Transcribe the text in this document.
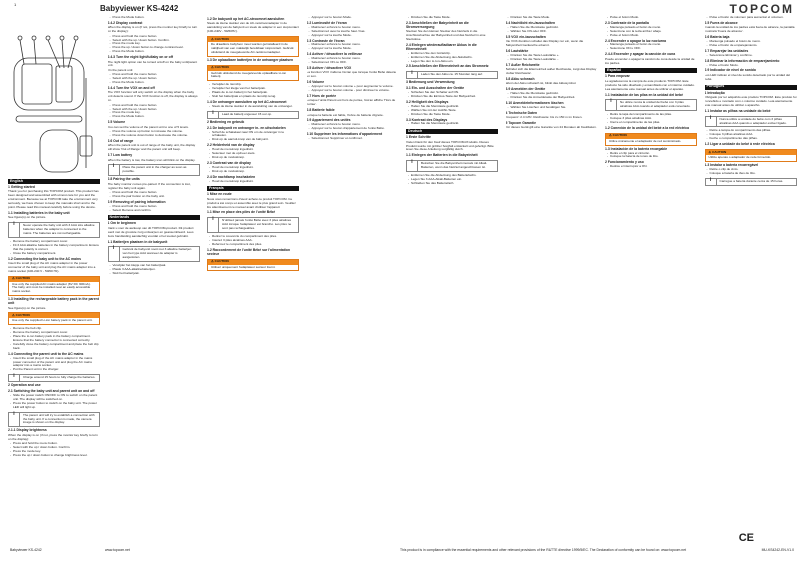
1	Babyviewer KS-4242	TOPCOM
English
1 Getting started
Thank you for purchasing this TOPCOM product. This product has been designed and assembled with utmost care for you and the environment. Because we at TOPCOM take the environment very seriously, we have chosen to keep the manuals short and to the point. Please read this manual carefully before using the device.
1.1 Installing batteries in the baby unit
See figure(s) on the picture.
i	Never operate the baby unit with 3 AAA size alkaline batteries when the adaptor is connected to the mains. The batteries are not rechargeable.
- Remove the battery compartment cover.
- Fit 3 AAA alkaline batteries in the battery compartment. Ensure that the polarity is correct.
- Close the battery compartment.
1.2 Connecting the baby unit to the AC mains
Insert the small plug of the AC mains adaptor in the power connector of the baby unit and plug the AC mains adaptor into a mains socket (100-240 V - 50/60 Hz).
⚠ CAUTION
Use only the supplied AC mains adaptor (6V DC 300mA). The baby unit must be installed near an easily accessible mains socket.
1.3 Installing the rechargeable battery pack in the parent unit
See figure(s) on the picture.
⚠ CAUTION
Use only the supplied Li-ion battery pack in the parent unit.
- Remove the belt clip.
- Remove the battery compartment cover.
- Place the Li-ion battery pack in the battery compartment. Ensure that the battery connector is connected correctly.
- Carefully close the battery compartment and place the belt clip back.
1.4 Connecting the parent unit to the AC mains
- Insert the small plug of the AC mains adaptor in the mains power connector of the parent unit and plug the AC mains adaptor into a mains socket.
- Put the Parent unit in the charger.
i	Charge around 15 hours to fully charge the batteries.
2 Operation and use
2.1 Switching the baby unit and parent unit on and off
- Slide the power switch ON/OFF to ON to switch on the parent unit. The display will be switched on.
- Press the power button to switch on the baby unit. The power LED will light up.
i	The parent unit will try to establish a connection with the baby unit. If a connection is made, the camera image is shown on the display.
2.1.1 Display brightness
When the display is on (if not, press the monitor key briefly to turn on the display):
- Press and hold the menu button.
- Select with the up / down button. Confirm.
- Press the mode key.
- Press the up / down button to change brightness level.
- Press the Mode button.
2.4.2 Display contrast
When the display is on (if not, press the monitor key briefly to turn on the display):
- Press and hold the menu button.
- Select with the up / down button. Confirm.
- Press the mode key.
- Press the up / down button to change contrast level.
- Press the Mode button.
2.4.3 Turn the night light/lullaby on or off
The night light option can be turned on/off on the baby unit/parent unit.
On the parent unit:
- Press and hold the menu button.
- Select with the up / down button.
- Press the Mode button.
2.4.4 Turn the VOX on and off
The VOX function will only switch on the display when the baby unit detects sound. If the VOX function is off, the display is always on.
- Press and hold the menu button.
- Select with the up / down button.
- Press the mode key.
- Press the Mode button.
2.5 Volume
You can set the volume of the parent unit to one of 5 levels.
- Press the volume up button to increase the volume.
- Press the volume down button to decrease the volume.
2.6 Out of range
When the parent unit is out of range of the baby unit, the display will show 'Out of Range' and the parent unit will beep.
2.7 Low battery
When the battery is low, the battery icon will blink on the display.
i	Place the parent unit in the charger as soon as possible.
2.8 Pairing the units
The baby monitor comes pre-paired. If the connection is lost, register the baby unit again.
- Press and hold the menu button.
- Press the pair button on the baby unit.
2.9 Removing of pairing information
- Press and hold the menu button.
- Select Remove and confirm.
Nederlands
1 Om te beginnen
Dank u voor de aankoop van dit TOPCOM-product. Dit product werd met de grootste zorg ontworpen en geassembleerd. Lees deze handleiding aandachtig voordat u het toestel gebruikt.
1.1 Batterijen plaatsen in de babyunit
i	Gebruik de babyunit nooit met 3 alkaline batterijen van het type AAA wanneer de adapter is aangesloten.
- Verwijder het klepje van het batterijvak.
- Plaats 3 AAA-alkalinebatterijen.
- Sluit het batterijvak.
1.2 De babyunit op het AC-stroomnet aansluiten
Steek de kleine stekker van de AC-netstroomadapter in de aansluiting van de babyunit en steek de adapter in een stopcontact (100-240V - 50/60Hz).
⚠ CAUTION
De draadloze babyfoon moet worden geïnstalleerd in de nabijheid van een makkelijk bereikbaar stopcontact. Gebruik uitsluitend de meegeleverde AC-netstroomadapter.
1.3 De oplaadbare batterijen in de ontvanger plaatsen
⚠ CAUTION
Gebruik uitsluitend de meegeleverde oplaadbare Li-ion batterij.
- Verwijder de riemclip.
- Verwijder het klepje van het batterijvak.
- Plaats de Li-ion batterij in het batterijvak.
- Sluit het batterijvak en plaats de riemclip terug.
1.4 De ontvanger aansluiten op het AC-stroomnet
- Steek de kleine stekker in de aansluiting van de ontvanger.
i	Laad de batterij ongeveer 15 uur op.
2 Bediening en gebruik
2.1 De babyunit en ontvanger in- en uitschakelen
- Schuif de schakelaar naar ON om de ontvanger in te schakelen.
- Druk op de aan/uit-knop van de babyunit.
2.2 Helderheid van de display
- Houd de menuknop ingedrukt.
- Selecteer met de op/neer-toets.
- Druk op de modusknop.
2.3 Contrast van de display
- Houd de menuknop ingedrukt.
- Druk op de modusknop.
2.4 De nachtlamp inschakelen
- Houd de menuknop ingedrukt.
Français
1 Mise en route
Nous vous remercions d'avoir acheté ce produit TOPCOM. Ce produit a été conçu et assemblé avec le plus grand soin. Veuillez lire attentivement ce manuel avant d'utiliser l'appareil.
1.1 Mise en place des piles de l'unité Bébé
i	N'utilisez jamais l'unité Bébé avec 3 piles alcalines AAA lorsque l'adaptateur est branché. Les piles ne sont pas rechargeables.
- Retirez le couvercle du compartiment des piles.
- Insérez 3 piles alcalines AAA.
- Refermez le compartiment des piles.
1.2 Raccordement de l'unité Bébé sur l'alimentation secteur
⚠ CAUTION
Utilisez uniquement l'adaptateur secteur fourni.
- Appuyez sur le bouton Mode.
2.2 Luminosité de l'écran
- Maintenez enfoncé le bouton menu.
- Sélectionnez avec la touche haut / bas.
- Appuyez sur la touche Mode.
2.3 Contraste de l'écran
- Maintenez enfoncé le bouton menu.
- Appuyez sur la touche Mode.
2.4 Activer / désactiver la veilleuse
- Maintenez enfoncé le bouton menu.
- Sélectionnez ON ou OFF.
2.5 Activer / désactiver VOX
La fonction VOX n'allume l'écran que lorsque l'unité Bébé détecte un son.
2.6 Volume
- Appuyez sur le bouton volume + pour augmenter le volume.
- Appuyez sur le bouton volume - pour diminuer le volume.
2.7 Hors de portée
Lorsque l'unité Parent est hors de portée, l'écran affiche 'Hors de portée'.
2.8 Batterie faible
Lorsque la batterie est faible, l'icône de batterie clignote.
2.9 Appariement des unités
- Maintenez enfoncé le bouton menu.
- Appuyez sur le bouton d'appariement de l'unité Bébé.
2.10 Supprimer les informations d'appariement
- Sélectionnez Supprimer et confirmez.
- Drücken Sie die Taste Mode.
2.3 Anschließen der Babyeinheit an die Stromversorgung
Stecken Sie den kleinen Stecker des Netzteils in die Anschlussbuchse der Babyeinheit und das Netzteil in eine Steckdose.
2.4 Einlegen wiederaufladbarer Akkus in die Elterneinheit
- Entfernen Sie den Gürtelclip.
- Entfernen Sie die Abdeckung des Akkufachs.
- Legen Sie den Li-Ion-Akku ein.
2.5 Anschließen der Elterneinheit an das Stromnetz
i	Laden Sie den Akku ca. 15 Stunden lang auf.
3 Bedienung und Verwendung
3.1 Ein- und Ausschalten der Geräte
- Schieben Sie den Schalter auf ON.
- Drücken Sie die Ein/Aus-Taste der Babyeinheit.
3.2 Helligkeit des Displays
- Halten Sie die Menütaste gedrückt.
- Wählen Sie mit der Auf/Ab-Taste.
- Drücken Sie die Taste Mode.
3.3 Kontrast des Displays
- Halten Sie die Menütaste gedrückt.
Deutsch
1 Erste Schritte
Vielen Dank für den Kauf dieses TOPCOM-Produkts. Dieses Produkt wurde mit größter Sorgfalt entwickelt und gefertigt. Bitte lesen Sie diese Anleitung sorgfältig durch.
1.1 Einlegen der Batterien in die Babyeinheit
i	Betreiben Sie die Babyeinheit niemals mit Alkali-Batterien, wenn das Netzteil angeschlossen ist.
- Entfernen Sie die Abdeckung des Batteriefachs.
- Legen Sie 3 AAA-Alkali-Batterien ein.
- Schließen Sie das Batteriefach.
- Drücken Sie die Taste Mode.
3.4 Nachtlicht ein-/ausschalten
- Halten Sie die Menütaste gedrückt.
- Wählen Sie ON oder OFF.
3.5 VOX ein-/ausschalten
Die VOX-Funktion schaltet das Display nur ein, wenn die Babyeinheit Geräusche erkennt.
3.6 Lautstärke
- Drücken Sie die Taste Lautstärke +.
- Drücken Sie die Taste Lautstärke -.
3.7 Außer Reichweite
Befindet sich die Elterneinheit außer Reichweite, zeigt das Display 'Außer Reichweite'.
3.8 Akku schwach
Wenn der Akku schwach ist, blinkt das Akkusymbol.
3.9 Anmelden der Geräte
- Halten Sie die Menütaste gedrückt.
- Drücken Sie die Anmeldetaste der Babyeinheit.
3.10 Anmeldeinformationen löschen
- Wählen Sie Löschen und bestätigen Sie.
4 Technische Daten
Frequenz: 2.4 GHz. Reichweite: bis zu 150 m im Freien.
5 Topcom Garantie
Für dieses Gerät gilt eine Garantie von 24 Monaten ab Kaufdatum.
- Pulse el botón Modo.
2.3 Contraste de la pantalla
- Mantenga pulsado el botón de menú.
- Seleccione con la tecla arriba / abajo.
- Pulse el botón Modo.
2.4 Encender o apagar la luz nocturna
- Mantenga pulsado el botón de menú.
- Seleccione ON u OFF.
2.4.4 Encender y apagar la canción de cuna
Puede encender o apagar la canción de cuna desde la unidad de los padres.
Español
1 Para empezar
Le agradecemos la compra de este producto TOPCOM. Este producto ha sido diseñado y ensamblado con el máximo cuidado. Lea atentamente este manual antes de utilizar el aparato.
1.1 Instalación de las pilas en la unidad del bebé
i	No utilice nunca la unidad del bebé con 3 pilas alcalinas AAA cuando el adaptador está conectado.
- Retire la tapa del compartimento de las pilas.
- Coloque 3 pilas alcalinas AAA.
- Cierre el compartimento de las pilas.
1.2 Conexión de la unidad del bebé a la red eléctrica
⚠ CAUTION
Utilice únicamente el adaptador de red suministrado.
1.3 Instalación de la batería recargable
- Retire el clip para el cinturón.
- Coloque la batería de iones de litio.
2 Funcionamiento y uso
- Deslice el interruptor a ON.
- Pulse el botón de volumen para aumentar el volumen.
2.5 Fuera de alcance
Cuando la unidad de los padres está fuera de alcance, la pantalla mostrará 'Fuera de alcance'.
2.6 Batería baja
- Mantenga pulsado el botón de menú.
- Pulse el botón de emparejamiento.
2.7 Emparejar las unidades
- Seleccione Eliminar y confirme.
2.8 Eliminar la información de emparejamiento
- Pulse el botón Modo.
2.9 Indicador de nivel de sonido
Los LED indican el nivel de sonido detectado por la unidad del bebé.
Português
1 Introdução
Obrigado por ter adquirido este produto TOPCOM. Este produto foi concebido e montado com o máximo cuidado. Leia atentamente este manual antes de utilizar o aparelho.
1.1 Instalar as pilhas na unidade do bebé
i	Nunca utilize a unidade do bebé com 3 pilhas alcalinas AAA quando o adaptador estiver ligado.
- Retire a tampa do compartimento das pilhas.
- Coloque 3 pilhas alcalinas AAA.
- Feche o compartimento das pilhas.
1.2 Ligar a unidade do bebé à rede eléctrica
⚠ CAUTION
Utilize apenas o adaptador de rede fornecido.
1.3 Instalar a bateria recarregável
- Retire o clip de cinto.
- Coloque a bateria de iões de lítio.
i	Carregue a bateria durante cerca de 15 horas.
Babyviewer KS-4242	www.topcom.net	This product is in compliance with the essential requirements and other relevant provisions of the R&TTE directive 1999/5/EC. The Declaration of conformity can be found on: www.topcom.net
CE
MU-KS4242-EN-V1.0
